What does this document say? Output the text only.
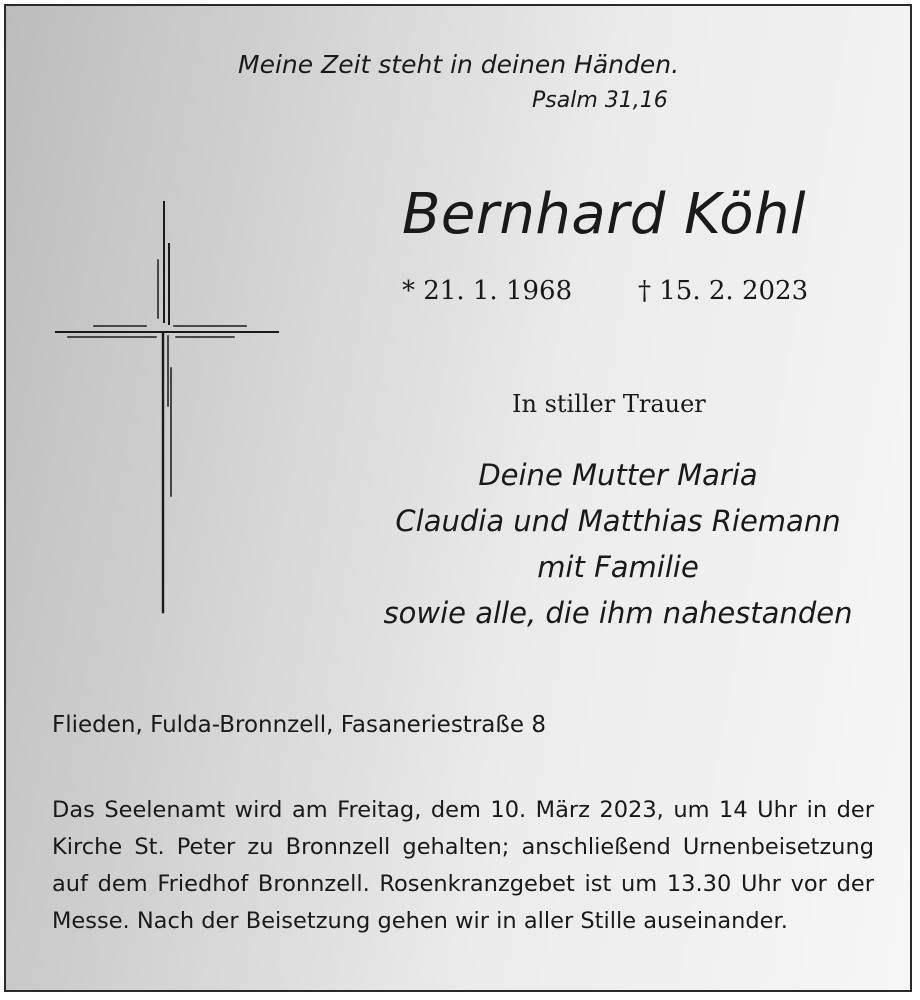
Meine Zeit steht in deinen Händen.
Psalm 31,16
Bernhard Köhl
* 21. 1. 1968	† 15. 2. 2023
In stiller Trauer
Deine Mutter Maria
Claudia und Matthias Riemann
mit Familie
sowie alle, die ihm nahestanden
Flieden, Fulda-Bronnzell, Fasaneriestraße 8
Das Seelenamt wird am Freitag, dem 10. März 2023, um 14 Uhr in der Kirche St. Peter zu Bronnzell gehalten; anschließend Urnenbeisetzung auf dem Friedhof Bronnzell. Rosenkranzgebet ist um 13.30 Uhr vor der Messe. Nach der Beisetzung gehen wir in aller Stille auseinander.
